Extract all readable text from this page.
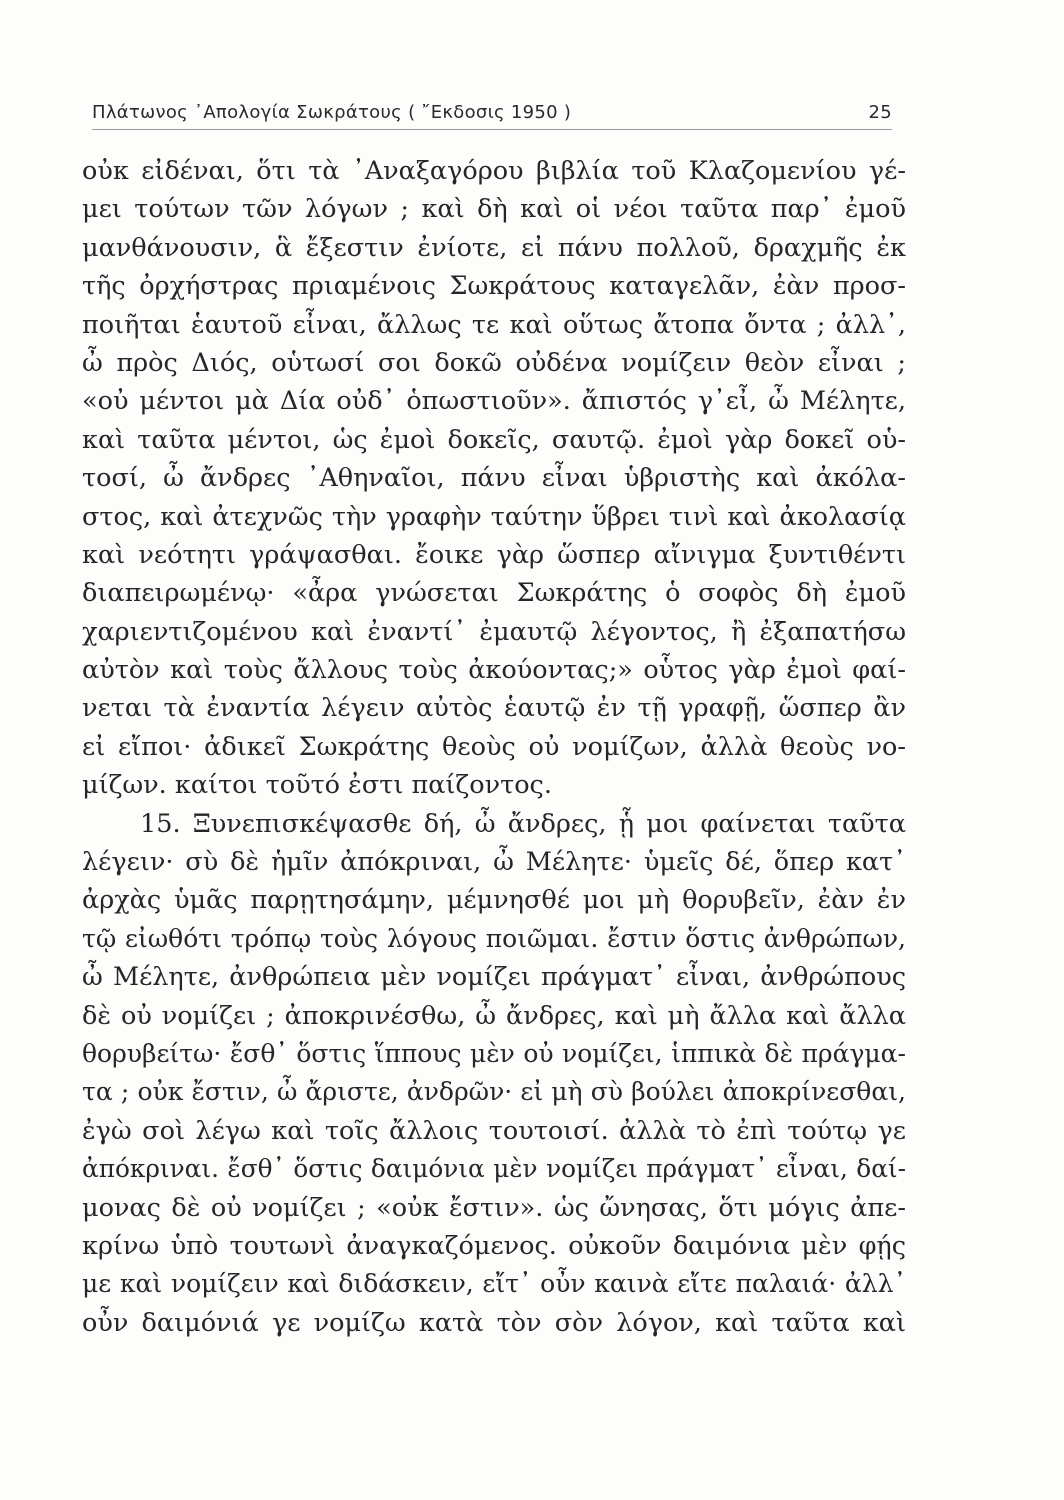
Πλάτωνος ᾽Απολογία Σωκράτους ( ῎Εκδοσις 1950 )	25
οὐκ εἰδέναι, ὅτι τὰ ᾽Αναξαγόρου βιβλία τοῦ Κλαζομενίου γέ-
μει τούτων τῶν λόγων ; καὶ δὴ καὶ οἱ νέοι ταῦτα παρ᾽ ἐμοῦ
μανθάνουσιν, ἃ ἔξεστιν ἐνίοτε, εἰ πάνυ πολλοῦ, δραχμῆς ἐκ
τῆς ὀρχήστρας πριαμένοις Σωκράτους καταγελᾶν, ἐὰν προσ-
ποιῆται ἑαυτοῦ εἶναι, ἄλλως τε καὶ οὕτως ἄτοπα ὄντα ; ἀλλ᾽,
ὦ πρὸς Διός, οὑτωσί σοι δοκῶ οὐδένα νομίζειν θεὸν εἶναι ;
«οὐ μέντοι μὰ Δία οὐδ᾽ ὁπωστιοῦν». ἄπιστός γ᾽εἶ, ὦ Μέλητε,
καὶ ταῦτα μέντοι, ὡς ἐμοὶ δοκεῖς, σαυτῷ. ἐμοὶ γὰρ δοκεῖ οὑ-
τοσί, ὦ ἄνδρες ᾽Αθηναῖοι, πάνυ εἶναι ὑβριστὴς καὶ ἀκόλα-
στος, καὶ ἀτεχνῶς τὴν γραφὴν ταύτην ὕβρει τινὶ καὶ ἀκολασίᾳ
καὶ νεότητι γράψασθαι. ἔοικε γὰρ ὥσπερ αἴνιγμα ξυντιθέντι
διαπειρωμένῳ· «ἆρα γνώσεται Σωκράτης ὁ σοφὸς δὴ ἐμοῦ
χαριεντιζομένου καὶ ἐναντί᾽ ἐμαυτῷ λέγοντος, ἢ ἐξαπατήσω
αὐτὸν καὶ τοὺς ἄλλους τοὺς ἀκούοντας;» οὗτος γὰρ ἐμοὶ φαί-
νεται τὰ ἐναντία λέγειν αὐτὸς ἑαυτῷ ἐν τῇ γραφῇ, ὥσπερ ἂν
εἰ εἴποι· ἀδικεῖ Σωκράτης θεοὺς οὐ νομίζων, ἀλλὰ θεοὺς νο-
μίζων. καίτοι τοῦτό ἐστι παίζοντος.
15. Ξυνεπισκέψασθε δή, ὦ ἄνδρες, ᾗ μοι φαίνεται ταῦτα
λέγειν· σὺ δὲ ἡμῖν ἀπόκριναι, ὦ Μέλητε· ὑμεῖς δέ, ὅπερ κατ᾽
ἀρχὰς ὑμᾶς παρῃτησάμην, μέμνησθέ μοι μὴ θορυβεῖν, ἐὰν ἐν
τῷ εἰωθότι τρόπῳ τοὺς λόγους ποιῶμαι. ἔστιν ὅστις ἀνθρώπων,
ὦ Μέλητε, ἀνθρώπεια μὲν νομίζει πράγματ᾽ εἶναι, ἀνθρώπους
δὲ οὐ νομίζει ; ἀποκρινέσθω, ὦ ἄνδρες, καὶ μὴ ἄλλα καὶ ἄλλα
θορυβείτω· ἔσθ᾽ ὅστις ἵππους μὲν οὐ νομίζει, ἱππικὰ δὲ πράγμα-
τα ; οὐκ ἔστιν, ὦ ἄριστε, ἀνδρῶν· εἰ μὴ σὺ βούλει ἀποκρίνεσθαι,
ἐγὼ σοὶ λέγω καὶ τοῖς ἄλλοις τουτοισί. ἀλλὰ τὸ ἐπὶ τούτῳ γε
ἀπόκριναι. ἔσθ᾽ ὅστις δαιμόνια μὲν νομίζει πράγματ᾽ εἶναι, δαί-
μονας δὲ οὐ νομίζει ; «οὐκ ἔστιν». ὡς ὤνησας, ὅτι μόγις ἀπε-
κρίνω ὑπὸ τουτωνὶ ἀναγκαζόμενος. οὐκοῦν δαιμόνια μὲν φῄς
με καὶ νομίζειν καὶ διδάσκειν, εἴτ᾽ οὖν καινὰ εἴτε παλαιά· ἀλλ᾽
οὖν δαιμόνιά γε νομίζω κατὰ τὸν σὸν λόγον, καὶ ταῦτα καὶ
